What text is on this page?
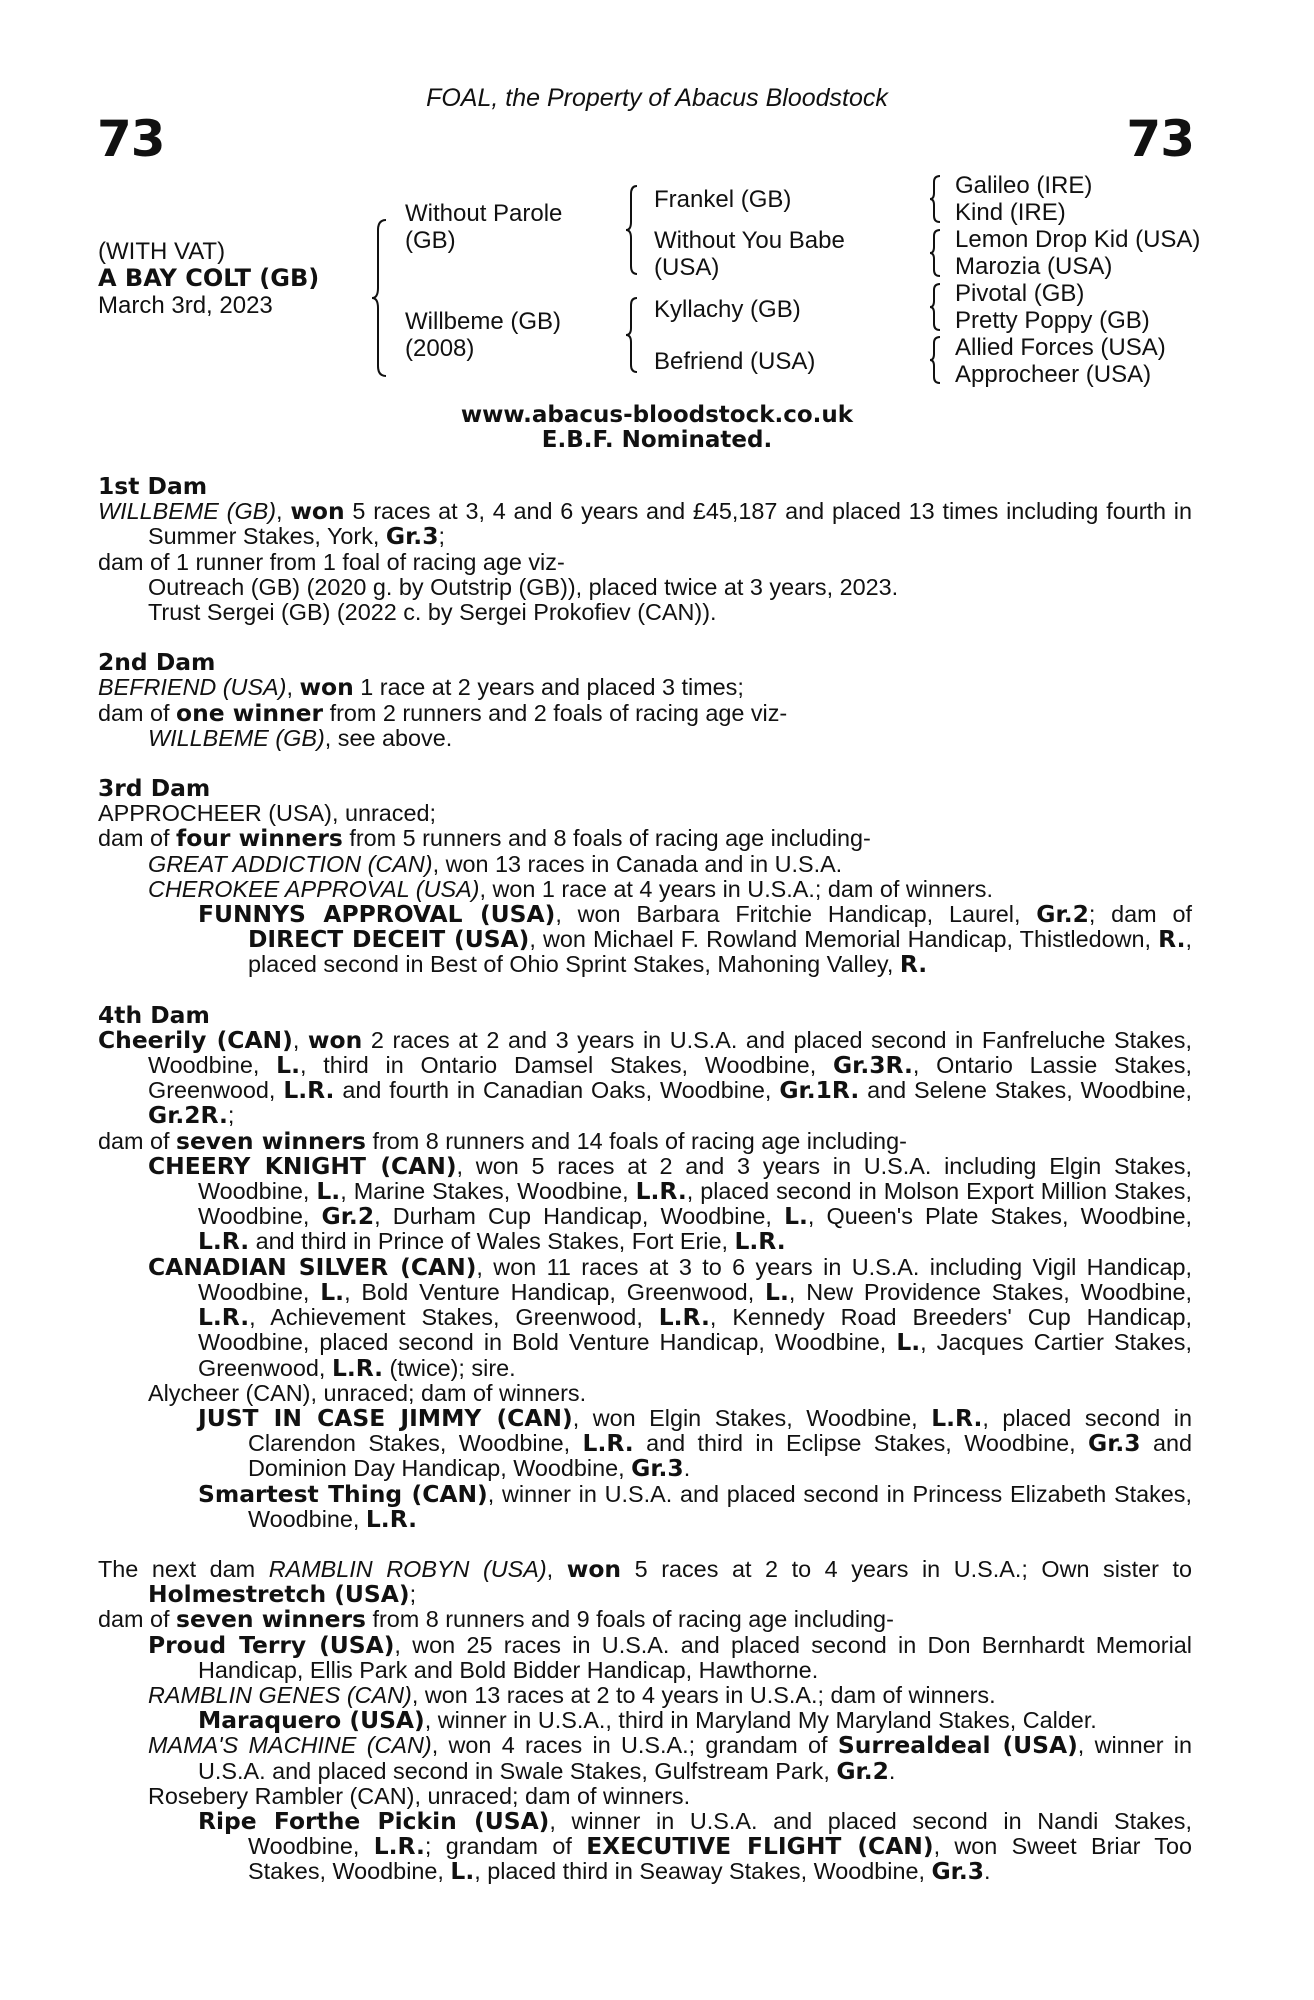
FOAL, the Property of Abacus Bloodstock
73	73
(WITH VAT)
A BAY COLT (GB)
March 3rd, 2023
Without Parole
(GB)
Willbeme (GB)
(2008)
Frankel (GB)
Without You Babe
(USA)
Kyllachy (GB)
Befriend (USA)
Galileo (IRE)
Kind (IRE)
Lemon Drop Kid (USA)
Marozia (USA)
Pivotal (GB)
Pretty Poppy (GB)
Allied Forces (USA)
Approcheer (USA)
www.abacus-bloodstock.co.uk
E.B.F. Nominated.

1st Dam

WILLBEME (GB), won 5 races at 3, 4 and 6 years and £45,187 and placed 13 times including fourth in Summer Stakes, York, Gr.3;

dam of 1 runner from 1 foal of racing age viz-

Outreach (GB) (2020 g. by Outstrip (GB)), placed twice at 3 years, 2023.

Trust Sergei (GB) (2022 c. by Sergei Prokofiev (CAN)).

2nd Dam

BEFRIEND (USA), won 1 race at 2 years and placed 3 times;

dam of one winner from 2 runners and 2 foals of racing age viz-

WILLBEME (GB), see above.

3rd Dam

APPROCHEER (USA), unraced;

dam of four winners from 5 runners and 8 foals of racing age including-

GREAT ADDICTION (CAN), won 13 races in Canada and in U.S.A.

CHEROKEE APPROVAL (USA), won 1 race at 4 years in U.S.A.; dam of winners.

FUNNYS APPROVAL (USA), won Barbara Fritchie Handicap, Laurel, Gr.2; dam of DIRECT DECEIT (USA), won Michael F. Rowland Memorial Handicap, Thistledown, R., placed second in Best of Ohio Sprint Stakes, Mahoning Valley, R.

4th Dam

Cheerily (CAN), won 2 races at 2 and 3 years in U.S.A. and placed second in Fanfreluche Stakes, Woodbine, L., third in Ontario Damsel Stakes, Woodbine, Gr.3R., Ontario Lassie Stakes, Greenwood, L.R. and fourth in Canadian Oaks, Woodbine, Gr.1R. and Selene Stakes, Woodbine, Gr.2R.;

dam of seven winners from 8 runners and 14 foals of racing age including-

CHEERY KNIGHT (CAN), won 5 races at 2 and 3 years in U.S.A. including Elgin Stakes, Woodbine, L., Marine Stakes, Woodbine, L.R., placed second in Molson Export Million Stakes, Woodbine, Gr.2, Durham Cup Handicap, Woodbine, L., Queen's Plate Stakes, Woodbine, L.R. and third in Prince of Wales Stakes, Fort Erie, L.R.

CANADIAN SILVER (CAN), won 11 races at 3 to 6 years in U.S.A. including Vigil Handicap, Woodbine, L., Bold Venture Handicap, Greenwood, L., New Providence Stakes, Woodbine, L.R., Achievement Stakes, Greenwood, L.R., Kennedy Road Breeders' Cup Handicap, Woodbine, placed second in Bold Venture Handicap, Woodbine, L., Jacques Cartier Stakes, Greenwood, L.R. (twice); sire.

Alycheer (CAN), unraced; dam of winners.

JUST IN CASE JIMMY (CAN), won Elgin Stakes, Woodbine, L.R., placed second in Clarendon Stakes, Woodbine, L.R. and third in Eclipse Stakes, Woodbine, Gr.3 and Dominion Day Handicap, Woodbine, Gr.3.

Smartest Thing (CAN), winner in U.S.A. and placed second in Princess Elizabeth Stakes, Woodbine, L.R.

The next dam RAMBLIN ROBYN (USA), won 5 races at 2 to 4 years in U.S.A.; Own sister to Holmestretch (USA);

dam of seven winners from 8 runners and 9 foals of racing age including-

Proud Terry (USA), won 25 races in U.S.A. and placed second in Don Bernhardt Memorial Handicap, Ellis Park and Bold Bidder Handicap, Hawthorne.

RAMBLIN GENES (CAN), won 13 races at 2 to 4 years in U.S.A.; dam of winners.

Maraquero (USA), winner in U.S.A., third in Maryland My Maryland Stakes, Calder.

MAMA'S MACHINE (CAN), won 4 races in U.S.A.; grandam of Surrealdeal (USA), winner in U.S.A. and placed second in Swale Stakes, Gulfstream Park, Gr.2.

Rosebery Rambler (CAN), unraced; dam of winners.

Ripe Forthe Pickin (USA), winner in U.S.A. and placed second in Nandi Stakes, Woodbine, L.R.; grandam of EXECUTIVE FLIGHT (CAN), won Sweet Briar Too Stakes, Woodbine, L., placed third in Seaway Stakes, Woodbine, Gr.3.
